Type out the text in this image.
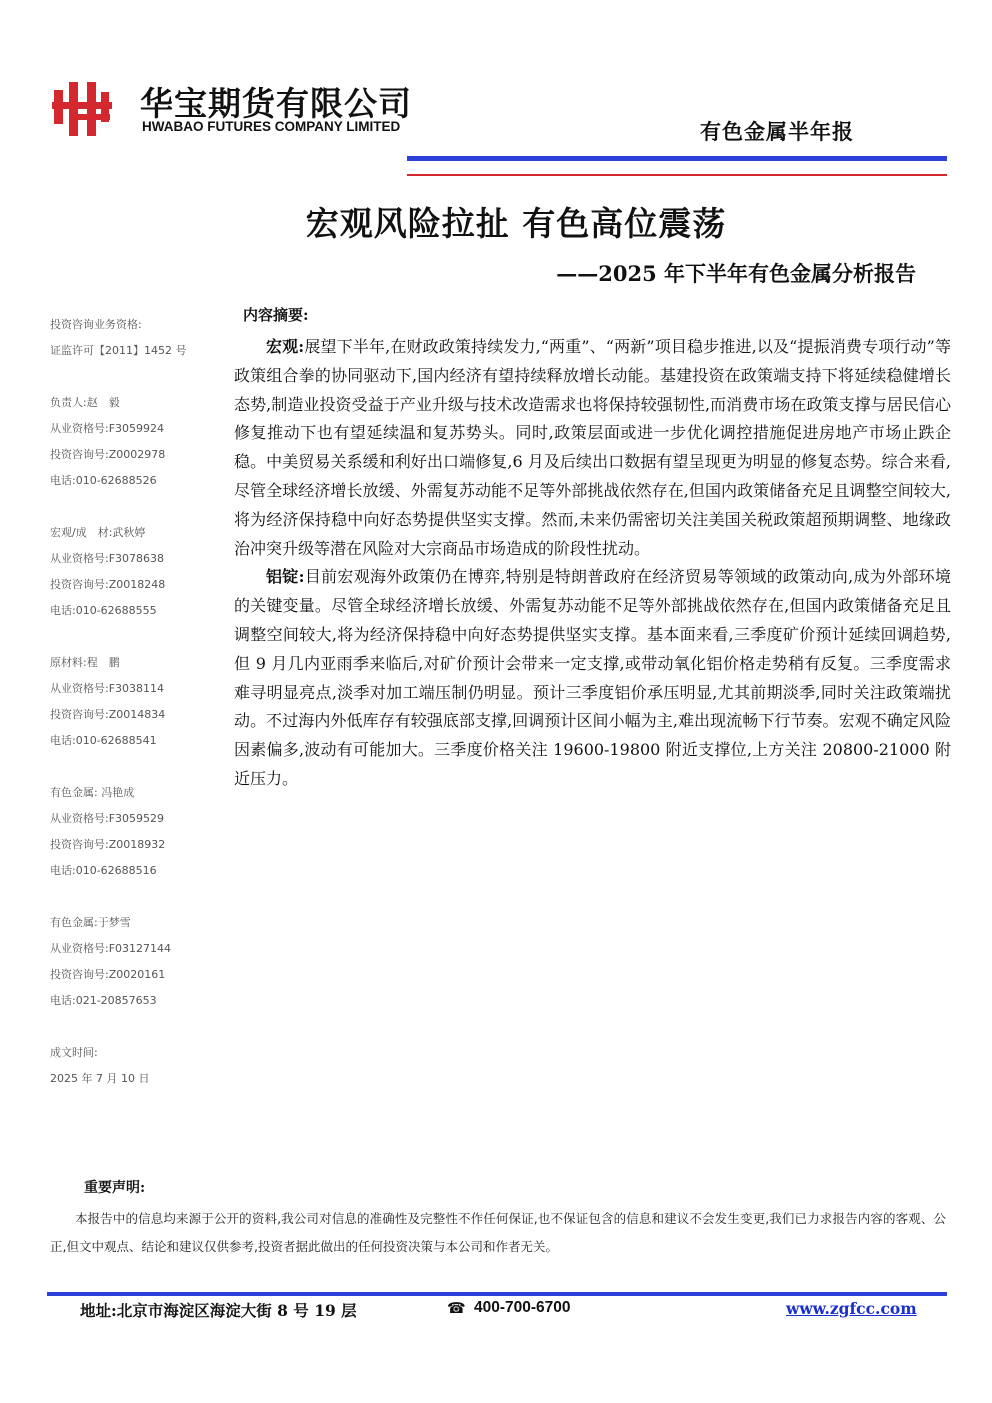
华宝期货有限公司
HWABAO FUTURES COMPANY LIMITED	有色金属半年报
宏观风险拉扯 有色高位震荡
——2025 年下半年有色金属分析报告
投资咨询业务资格:
证监许可【2011】1452 号
负责人:赵　毅
从业资格号:F3059924
投资咨询号:Z0002978
电话:010-62688526
宏观/成　材:武秋婷
从业资格号:F3078638
投资咨询号:Z0018248
电话:010-62688555
原材料:程　鹏
从业资格号:F3038114
投资咨询号:Z0014834
电话:010-62688541
有色金属: 冯艳成
从业资格号:F3059529
投资咨询号:Z0018932
电话:010-62688516
有色金属:于梦雪
从业资格号:F03127144
投资咨询号:Z0020161
电话:021-20857653
成文时间:
2025 年 7 月 10 日
内容摘要:

宏观:展望下半年,在财政政策持续发力,“两重”、“两新”项目稳步推进,以及“提振消费专项行动”等政策组合拳的协同驱动下,国内经济有望持续释放增长动能。基建投资在政策端支持下将延续稳健增长态势,制造业投资受益于产业升级与技术改造需求也将保持较强韧性,而消费市场在政策支撑与居民信心修复推动下也有望延续温和复苏势头。同时,政策层面或进一步优化调控措施促进房地产市场止跌企稳。中美贸易关系缓和利好出口端修复,6 月及后续出口数据有望呈现更为明显的修复态势。综合来看,尽管全球经济增长放缓、外需复苏动能不足等外部挑战依然存在,但国内政策储备充足且调整空间较大,将为经济保持稳中向好态势提供坚实支撑。然而,未来仍需密切关注美国关税政策超预期调整、地缘政治冲突升级等潜在风险对大宗商品市场造成的阶段性扰动。

铝锭:目前宏观海外政策仍在博弈,特别是特朗普政府在经济贸易等领域的政策动向,成为外部环境的关键变量。尽管全球经济增长放缓、外需复苏动能不足等外部挑战依然存在,但国内政策储备充足且调整空间较大,将为经济保持稳中向好态势提供坚实支撑。基本面来看,三季度矿价预计延续回调趋势,但 9 月几内亚雨季来临后,对矿价预计会带来一定支撑,或带动氧化铝价格走势稍有反复。三季度需求难寻明显亮点,淡季对加工端压制仍明显。预计三季度铝价承压明显,尤其前期淡季,同时关注政策端扰动。不过海内外低库存有较强底部支撑,回调预计区间小幅为主,难出现流畅下行节奏。宏观不确定风险因素偏多,波动有可能加大。三季度价格关注 19600-19800 附近支撑位,上方关注 20800-21000 附近压力。

重要声明:
本报告中的信息均来源于公开的资料,我公司对信息的准确性及完整性不作任何保证,也不保证包含的信息和建议不会发生变更,我们已力求报告内容的客观、公正,但文中观点、结论和建议仅供参考,投资者据此做出的任何投资决策与本公司和作者无关。
地址:北京市海淀区海淀大街 8 号 19 层	☎ 400-700-6700	www.zgfcc.com
